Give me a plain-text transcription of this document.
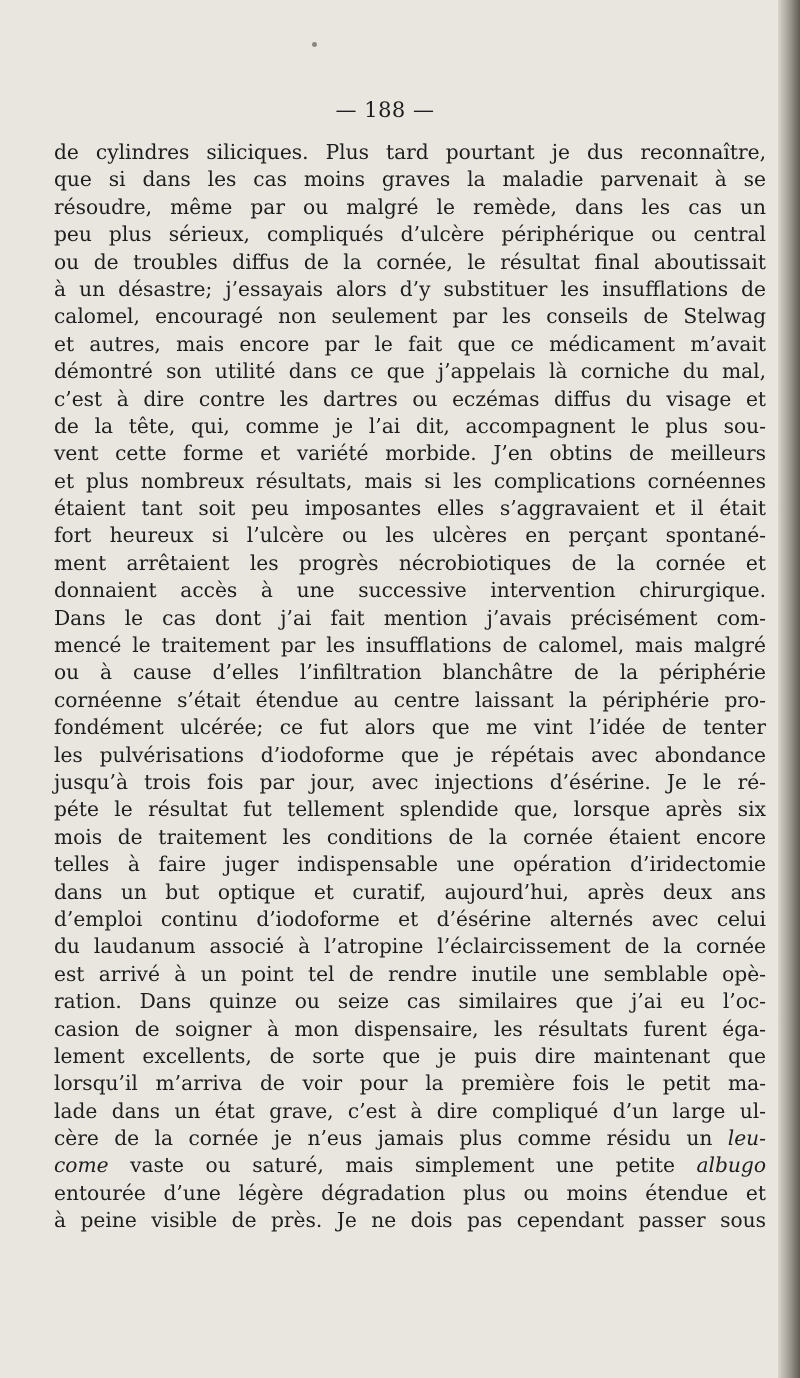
— 188 —
de cylindres siliciques. Plus tard pourtant je dus reconnaître,
que si dans les cas moins graves la maladie parvenait à se
résoudre, même par ou malgré le remède, dans les cas un
peu plus sérieux, compliqués d’ulcère périphérique ou central
ou de troubles diffus de la cornée, le résultat final aboutissait
à un désastre; j’essayais alors d’y substituer les insufflations de
calomel, encouragé non seulement par les conseils de Stelwag
et autres, mais encore par le fait que ce médicament m’avait
démontré son utilité dans ce que j’appelais là corniche du mal,
c’est à dire contre les dartres ou eczémas diffus du visage et
de la tête, qui, comme je l’ai dit, accompagnent le plus sou-
vent cette forme et variété morbide. J’en obtins de meilleurs
et plus nombreux résultats, mais si les complications cornéennes
étaient tant soit peu imposantes elles s’aggravaient et il était
fort heureux si l’ulcère ou les ulcères en perçant spontané-
ment arrêtaient les progrès nécrobiotiques de la cornée et
donnaient accès à une successive intervention chirurgique.
Dans le cas dont j’ai fait mention j’avais précisément com-
mencé le traitement par les insufflations de calomel, mais malgré
ou à cause d’elles l’infiltration blanchâtre de la périphérie
cornéenne s’était étendue au centre laissant la périphérie pro-
fondément ulcérée; ce fut alors que me vint l’idée de tenter
les pulvérisations d’iodoforme que je répétais avec abondance
jusqu’à trois fois par jour, avec injections d’ésérine. Je le ré-
péte le résultat fut tellement splendide que, lorsque après six
mois de traitement les conditions de la cornée étaient encore
telles à faire juger indispensable une opération d’iridectomie
dans un but optique et curatif, aujourd’hui, après deux ans
d’emploi continu d’iodoforme et d’ésérine alternés avec celui
du laudanum associé à l’atropine l’éclaircissement de la cornée
est arrivé à un point tel de rendre inutile une semblable opè-
ration. Dans quinze ou seize cas similaires que j’ai eu l’oc-
casion de soigner à mon dispensaire, les résultats furent éga-
lement excellents, de sorte que je puis dire maintenant que
lorsqu’il m’arriva de voir pour la première fois le petit ma-
lade dans un état grave, c’est à dire compliqué d’un large ul-
cère de la cornée je n’eus jamais plus comme résidu un leu-
come vaste ou saturé, mais simplement une petite albugo
entourée d’une légère dégradation plus ou moins étendue et
à peine visible de près. Je ne dois pas cependant passer sous
